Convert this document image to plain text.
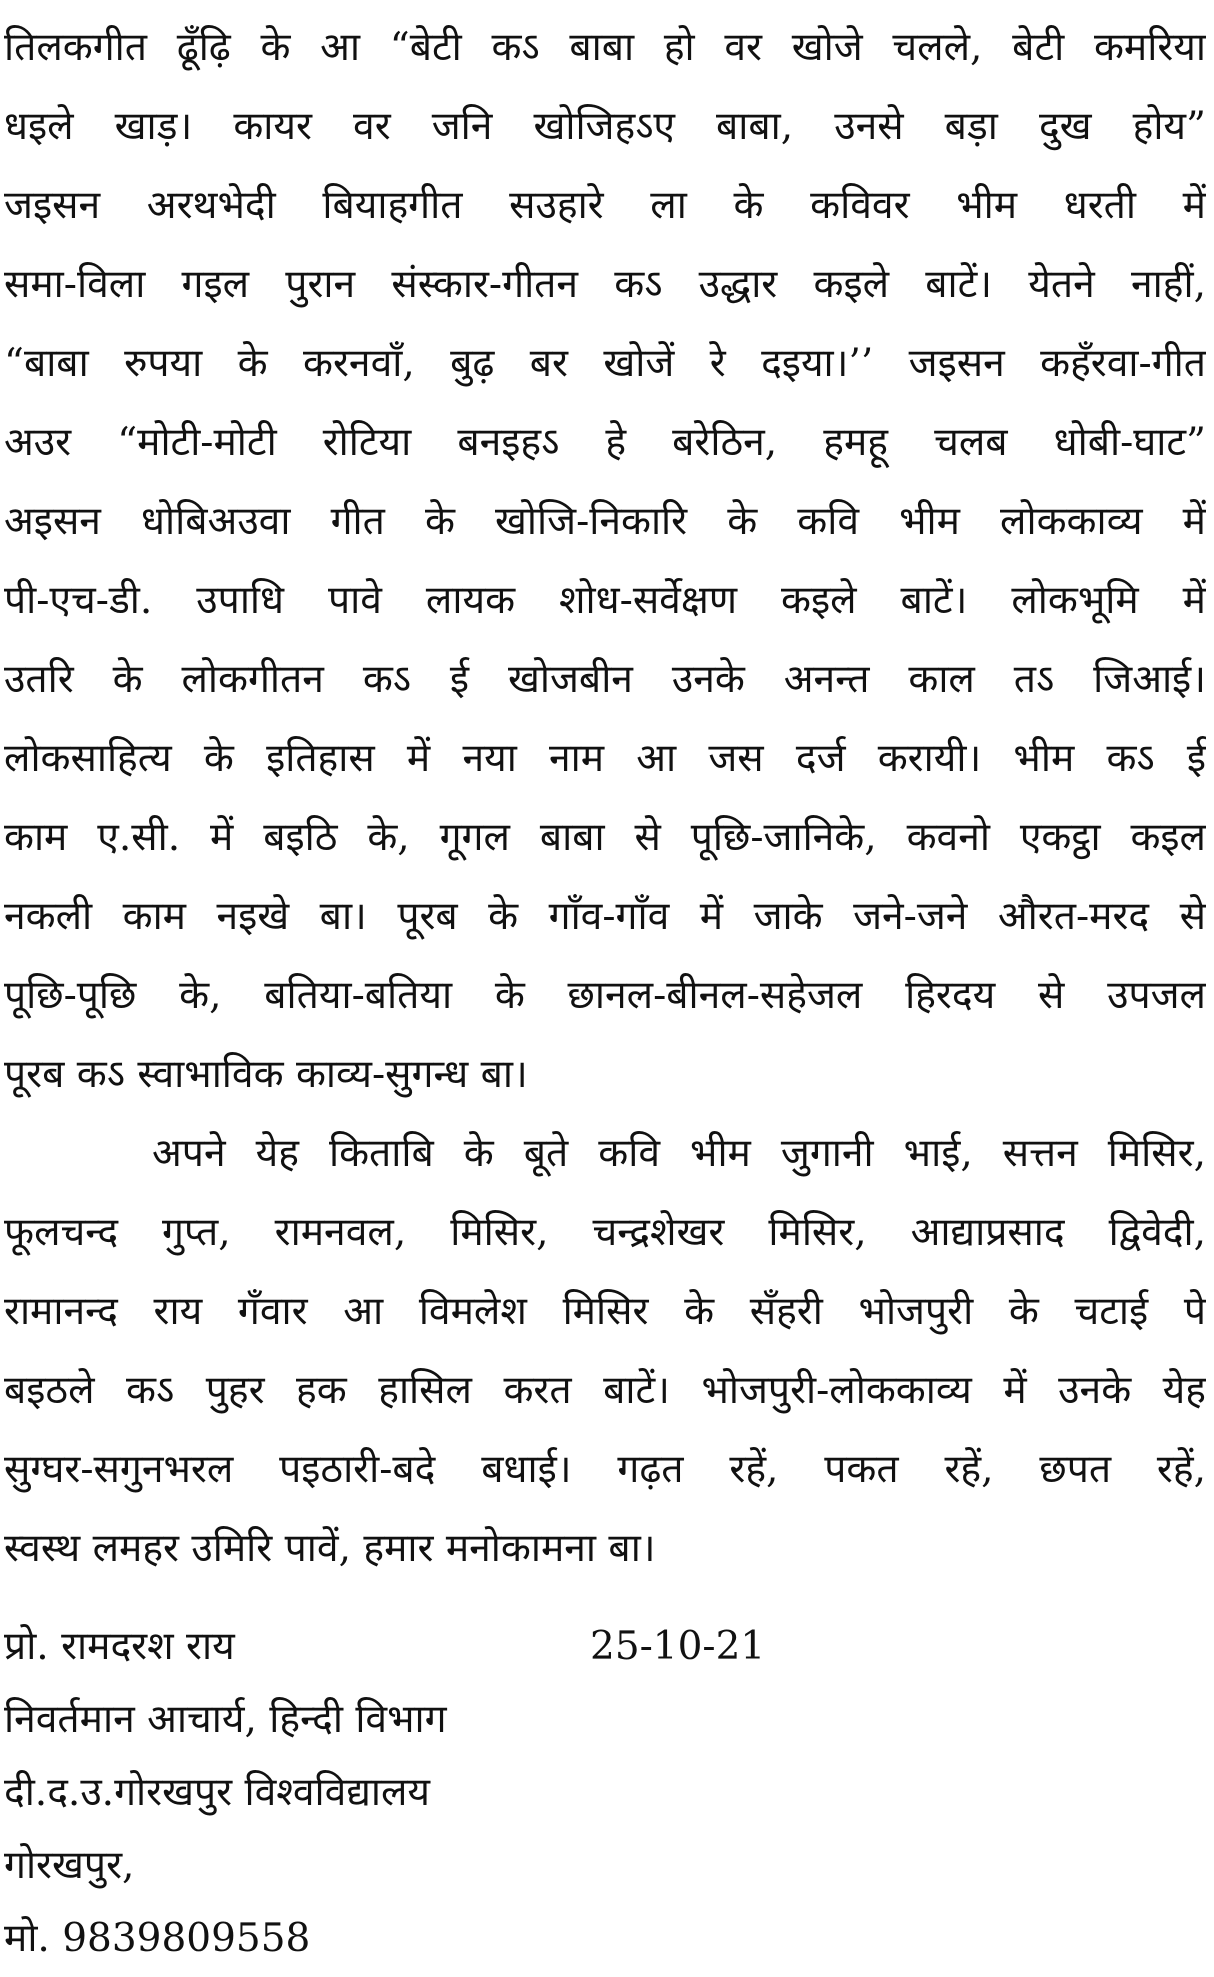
तिलकगीत ढूँढ़ि के आ “बेटी कऽ बाबा हो वर खोजे चलले, बेटी कमरिया
धइले खाड़। कायर वर जनि खोजिहऽए बाबा, उनसे बड़ा दुख होय”
जइसन अरथभेदी बियाहगीत सउहारे ला के कविवर भीम धरती में
समा-विला गइल पुरान संस्कार-गीतन कऽ उद्धार कइले बाटें। येतने नाहीं,
“बाबा रुपया के करनवाँ, बुढ़ बर खोजें रे दइया।’’ जइसन कहँरवा-गीत
अउर “मोटी-मोटी रोटिया बनइहऽ हे बरेठिन, हमहू चलब धोबी-घाट”
अइसन धोबिअउवा गीत के खोजि-निकारि के कवि भीम लोककाव्य में
पी-एच-डी. उपाधि पावे लायक शोध-सर्वेक्षण कइले बाटें। लोकभूमि में
उतरि के लोकगीतन कऽ ई खोजबीन उनके अनन्त काल तऽ जिआई।
लोकसाहित्य के इतिहास में नया नाम आ जस दर्ज करायी। भीम कऽ ई
काम ए.सी. में बइठि के, गूगल बाबा से पूछि-जानिके, कवनो एकट्ठा कइल
नकली काम नइखे बा। पूरब के गाँव-गाँव में जाके जने-जने औरत-मरद से
पूछि-पूछि के, बतिया-बतिया के छानल-बीनल-सहेजल हिरदय से उपजल
पूरब कऽ स्वाभाविक काव्य-सुगन्ध बा।
अपने येह किताबि के बूते कवि भीम जुगानी भाई, सत्तन मिसिर,
फूलचन्द गुप्त, रामनवल, मिसिर, चन्द्रशेखर मिसिर, आद्याप्रसाद द्विवेदी,
रामानन्द राय गँवार आ विमलेश मिसिर के सँहरी भोजपुरी के चटाई पे
बइठले कऽ पुहर हक हासिल करत बाटें। भोजपुरी-लोककाव्य में उनके येह
सुग्घर-सगुनभरल पइठारी-बदे बधाई। गढ़त रहें, पकत रहें, छपत रहें,
स्वस्थ लमहर उमिरि पावें, हमार मनोकामना बा।
प्रो. रामदरश राय
निवर्तमान आचार्य, हिन्दी विभाग
दी.द.उ.गोरखपुर विश्वविद्यालय
गोरखपुर,
मो. 9839809558
25-10-21
